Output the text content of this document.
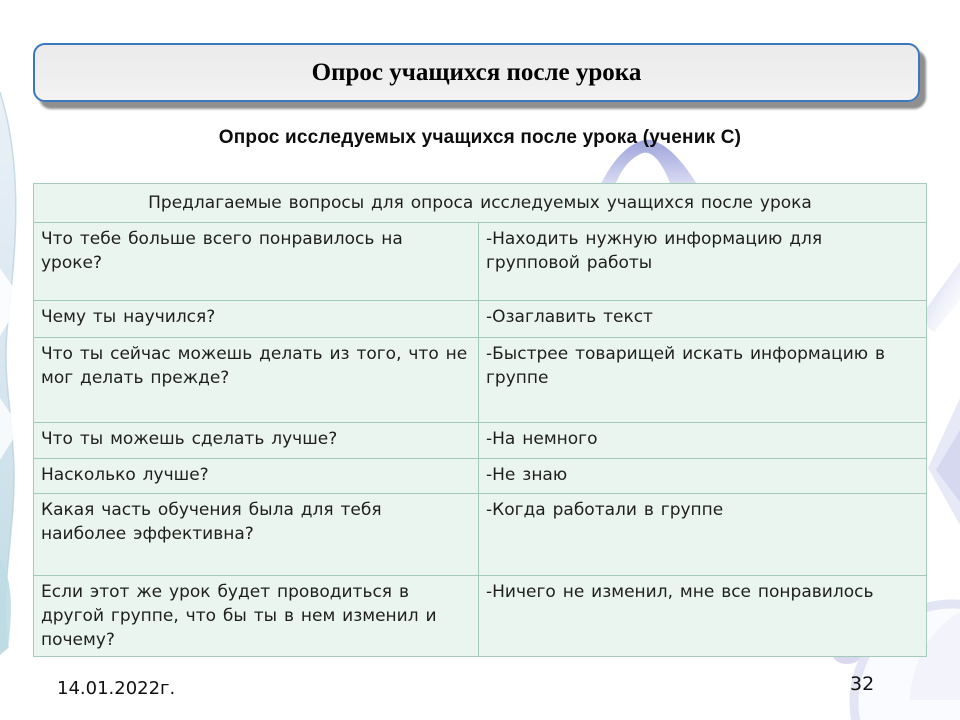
Опрос учащихся после урока
Опрос исследуемых учащихся после урока (ученик С)
Предлагаемые вопросы для опроса исследуемых учащихся после урока	
Что тебе больше всего понравилось на уроке?	-Находить нужную информацию для групповой работы
Чему ты научился?	-Озаглавить текст
Что ты сейчас можешь делать из того, что не мог делать прежде?	-Быстрее товарищей искать информацию в группе
Что ты можешь сделать лучше?	-На немного
Насколько лучше?	-Не знаю
Какая часть обучения была для тебя наиболее эффективна?	-Когда работали в группе
Если этот же урок будет проводиться в другой группе, что бы ты в нем изменил и почему?	-Ничего не изменил, мне все понравилось
14.01.2022г.	32
